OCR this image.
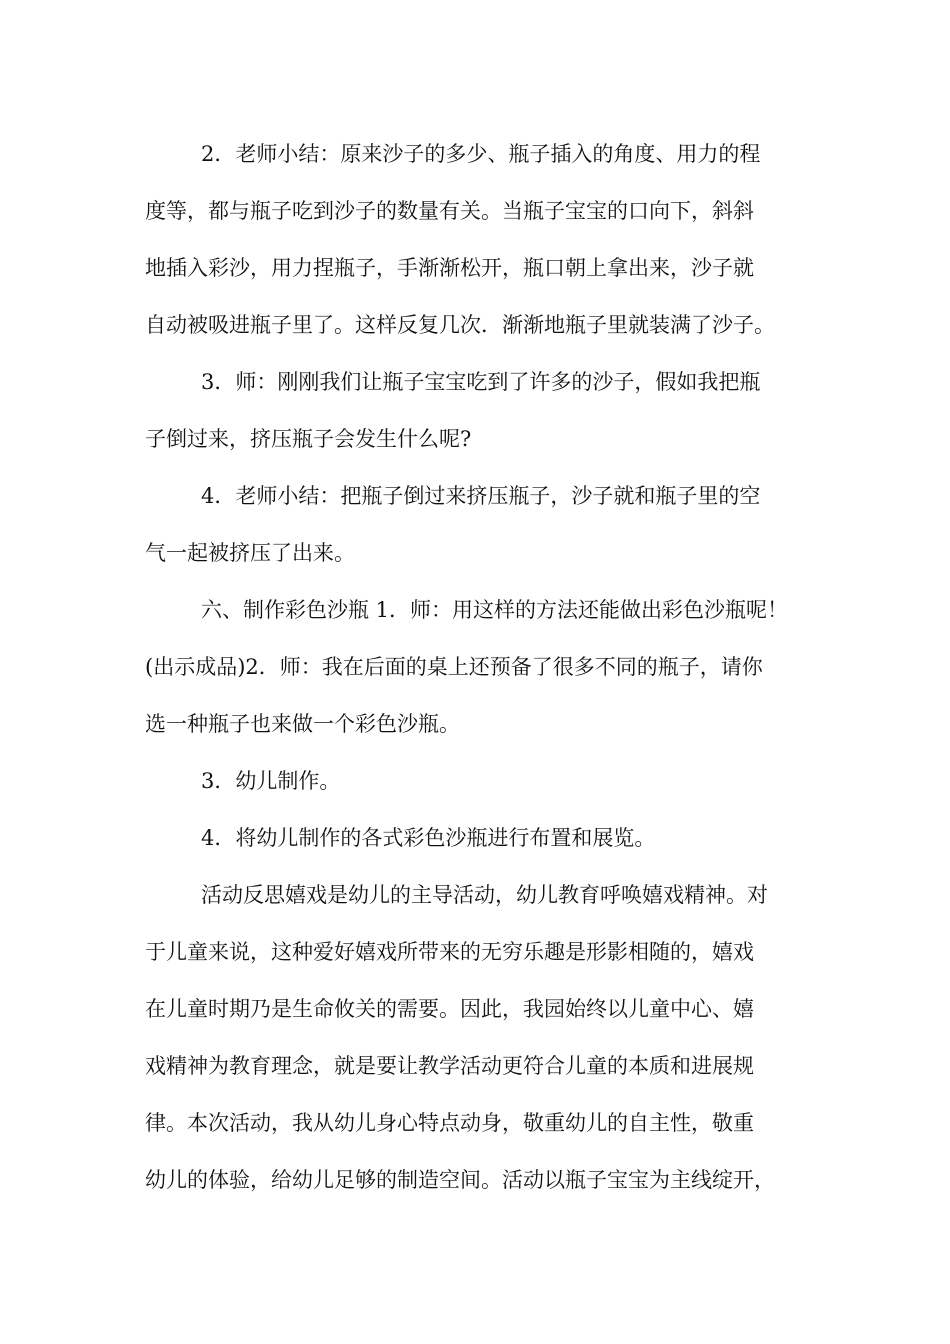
2．老师小结：原来沙子的多少、瓶子插入的角度、用力的程
度等，都与瓶子吃到沙子的数量有关。当瓶子宝宝的口向下，斜斜
地插入彩沙，用力捏瓶子，手渐渐松开，瓶口朝上拿出来，沙子就
自动被吸进瓶子里了。这样反复几次．渐渐地瓶子里就装满了沙子。
3．师：刚刚我们让瓶子宝宝吃到了许多的沙子，假如我把瓶
子倒过来，挤压瓶子会发生什么呢?
4．老师小结：把瓶子倒过来挤压瓶子，沙子就和瓶子里的空
气一起被挤压了出来。
六、制作彩色沙瓶 1．师：用这样的方法还能做出彩色沙瓶呢！
(出示成品)2．师：我在后面的桌上还预备了很多不同的瓶子，请你
选一种瓶子也来做一个彩色沙瓶。
3．幼儿制作。
4．将幼儿制作的各式彩色沙瓶进行布置和展览。
活动反思嬉戏是幼儿的主导活动，幼儿教育呼唤嬉戏精神。对
于儿童来说，这种爱好嬉戏所带来的无穷乐趣是形影相随的，嬉戏
在儿童时期乃是生命攸关的需要。因此，我园始终以儿童中心、嬉
戏精神为教育理念，就是要让教学活动更符合儿童的本质和进展规
律。本次活动，我从幼儿身心特点动身，敬重幼儿的自主性，敬重
幼儿的体验，给幼儿足够的制造空间。活动以瓶子宝宝为主线绽开，
